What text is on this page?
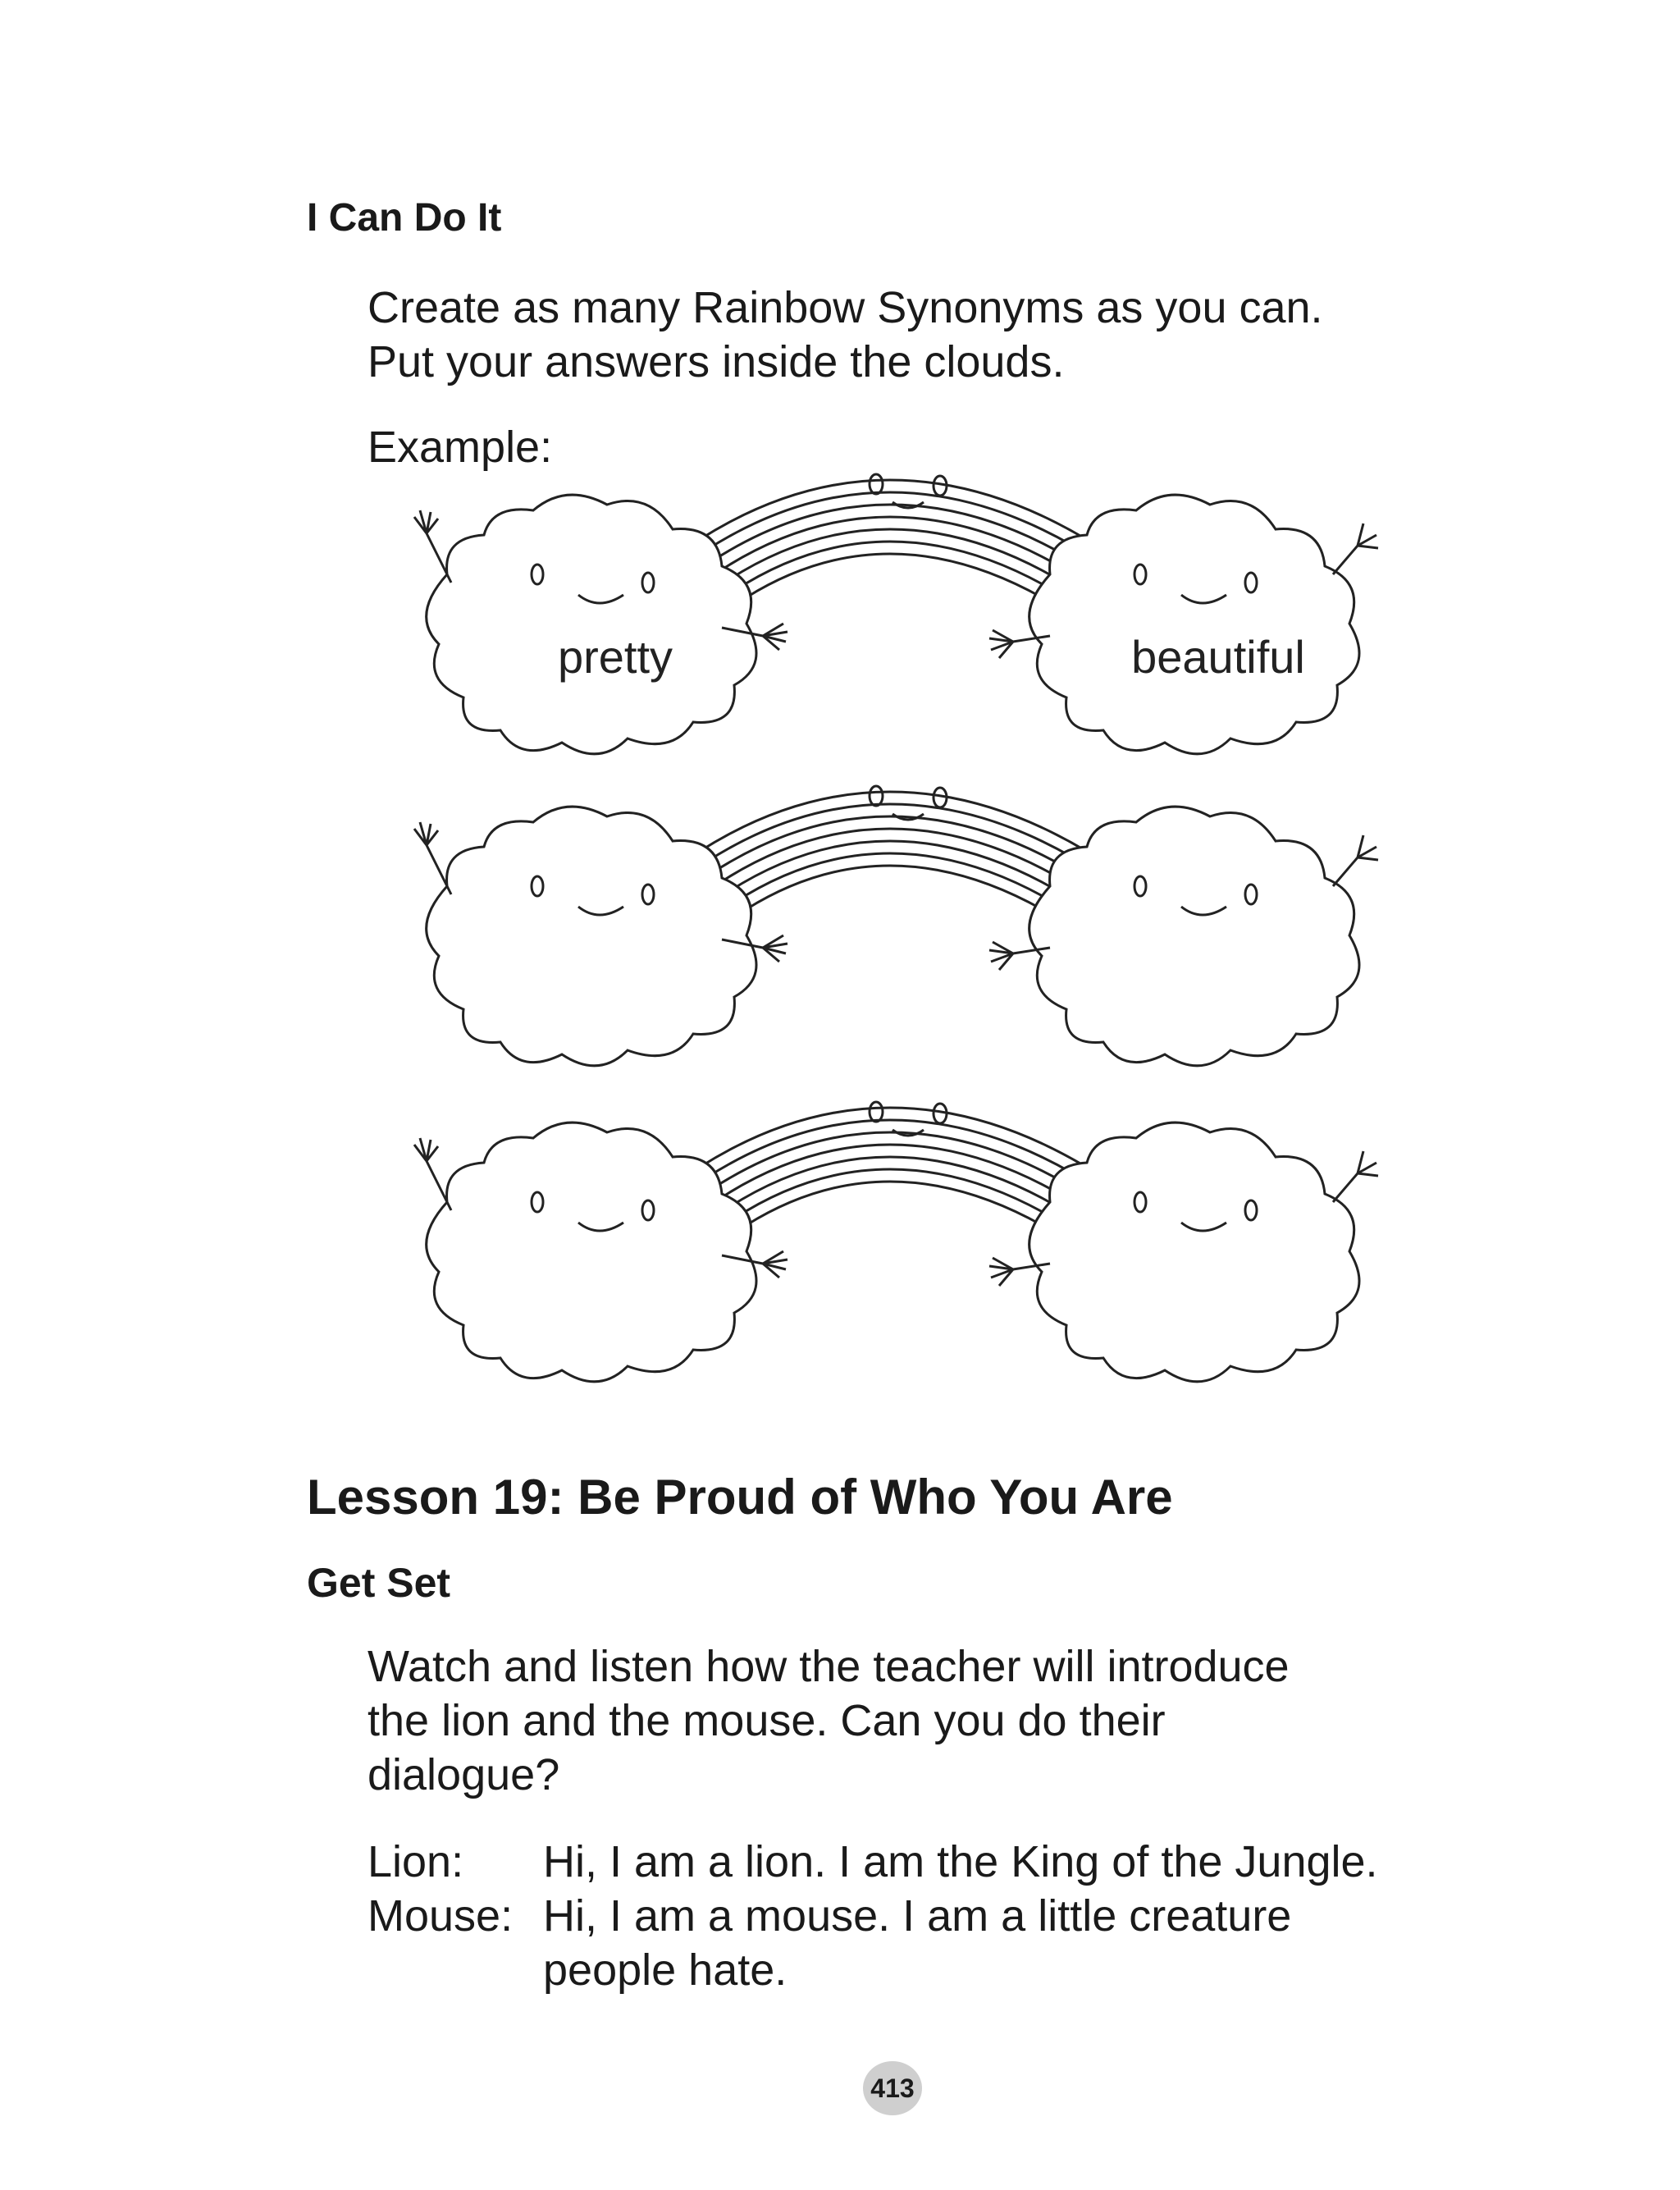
I Can Do It
Create as many Rainbow Synonyms as you can.
Put your answers inside the clouds.
Example:
pretty	beautiful
Lesson 19: Be Proud of Who You Are
Get Set
Watch and listen how the teacher will introduce
the lion and the mouse. Can you do their
dialogue?
Lion: Hi, I am a lion. I am the King of the Jungle.
Mouse: Hi, I am a mouse. I am a little creature
people hate.
413
